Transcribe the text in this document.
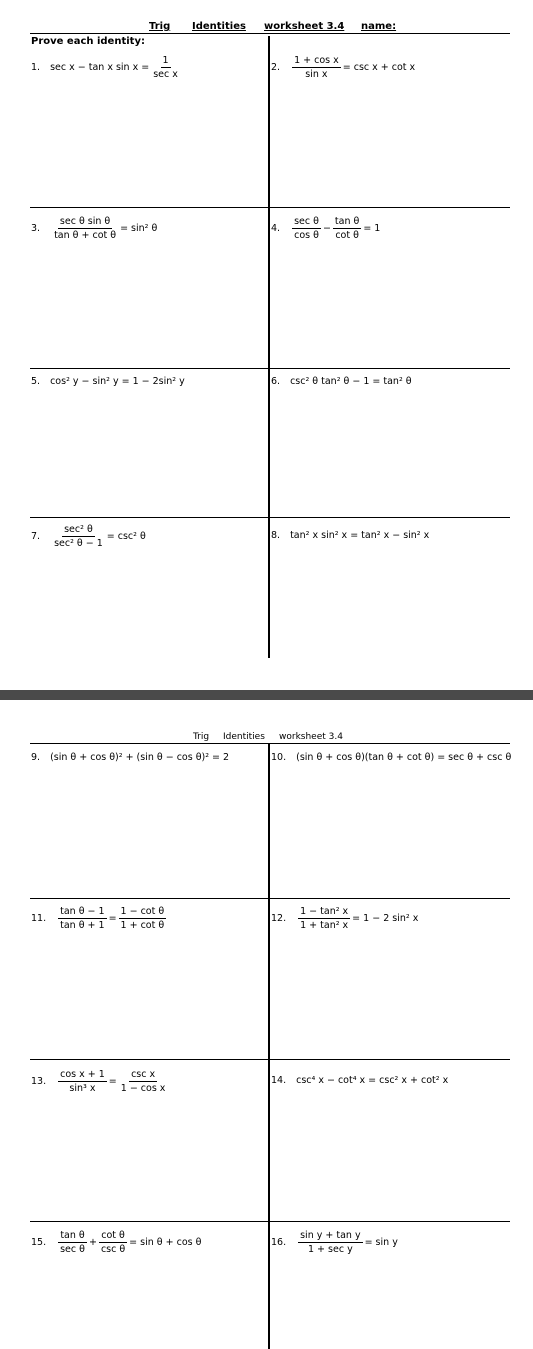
Trig Identities worksheet 3.4 name:
Prove each identity:
1. sec x − tan x $\sin x = \frac{1}{\text{sec x}}$	2. $\frac{\text{1 + cos x}}{\text{sin x}} = \csc x + \cot x$
3. $\frac{\text{sec θ sin θ}}{\text{tan θ + cot θ}} = \sin^2$ θ	4. $\frac{\text{sec θ}}{\text{cos θ}} - \frac{\text{tan θ}}{\text{cot θ}} = 1$
5. cos² y − sin² y = 1 − 2sin² y	6. csc² θ tan² θ − 1 = tan² θ
7. $\frac{\text{sec² θ}}{\text{sec² θ − 1}} = \csc^2$ θ	8. tan² x sin² x = tan² x − sin² x
Trig Identities worksheet 3.4
9. (sin θ + cos θ)² + (sin θ − cos θ)² = 2	10. (sin θ + cos θ)(tan θ + cot θ) = sec θ + csc θ
11. $\frac{\text{tan θ − 1}}{\text{tan θ + 1}} = \frac{\text{1 − cot θ}}{\text{1 + cot θ}}$	12. $\frac{\text{1 − tan² x}}{\text{1 + tan² x}} = 1 - 2$ sin² x
13. $\frac{\text{cos x + 1}}{\text{sin³ x}} = \frac{\text{csc x}}{\text{1 − cos x}}$	14. csc⁴ x − cot⁴ x = csc² x + cot² x
15. $\frac{\text{tan θ}}{\text{sec θ}} + \frac{\text{cot θ}}{\text{csc θ}} = \sin \theta + \cos \theta$	16. $\frac{\text{sin y + tan y}}{\text{1 + sec y}} = \sin y$
